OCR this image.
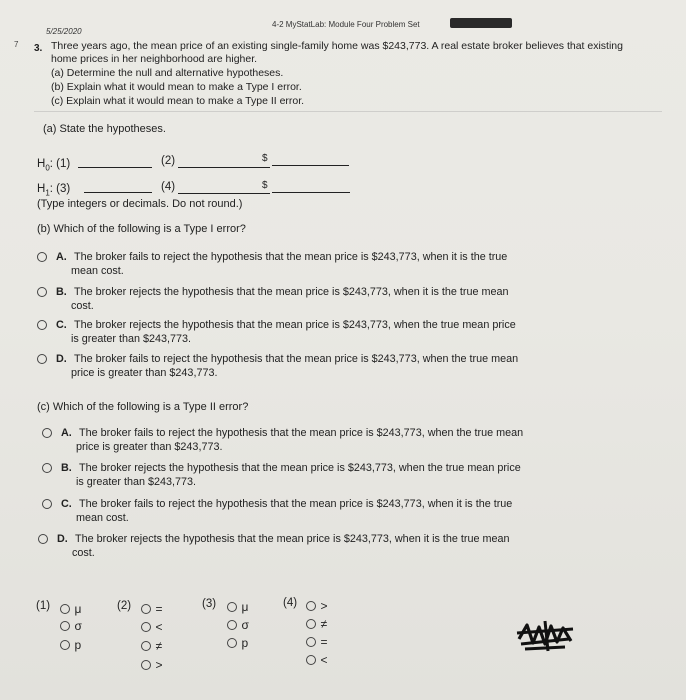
5/25/2020
4-2 MyStatLab: Module Four Problem Set
7 3. Three years ago, the mean price of an existing single-family home was $243,773. A real estate broker believes that existing
home prices in her neighborhood are higher.
(a) Determine the null and alternative hypotheses.
(b) Explain what it would mean to make a Type I error.
(c) Explain what it would mean to make a Type II error.
(a) State the hypotheses.
$H_0$: (1)	(2)	$
$H_1$: (3)	(4)	$
(Type integers or decimals. Do not round.)
(b) Which of the following is a Type I error?
A. The broker fails to reject the hypothesis that the mean price is $243,773, when it is the true
mean cost.
B. The broker rejects the hypothesis that the mean price is $243,773, when it is the true mean
cost.
C. The broker rejects the hypothesis that the mean price is $243,773, when the true mean price
is greater than $243,773.
D. The broker fails to reject the hypothesis that the mean price is $243,773, when the true mean
price is greater than $243,773.
(c) Which of the following is a Type II error?
A. The broker fails to reject the hypothesis that the mean price is $243,773, when the true mean
price is greater than $243,773.
B. The broker rejects the hypothesis that the mean price is $243,773, when the true mean price
is greater than $243,773.
C. The broker fails to reject the hypothesis that the mean price is $243,773, when it is the true
mean cost.
D. The broker rejects the hypothesis that the mean price is $243,773, when it is the true mean
cost.
(1)	μ
σ
p
(2)	=
<
≠
>
(3)	μ
σ
p
(4)	>
≠
=
<
